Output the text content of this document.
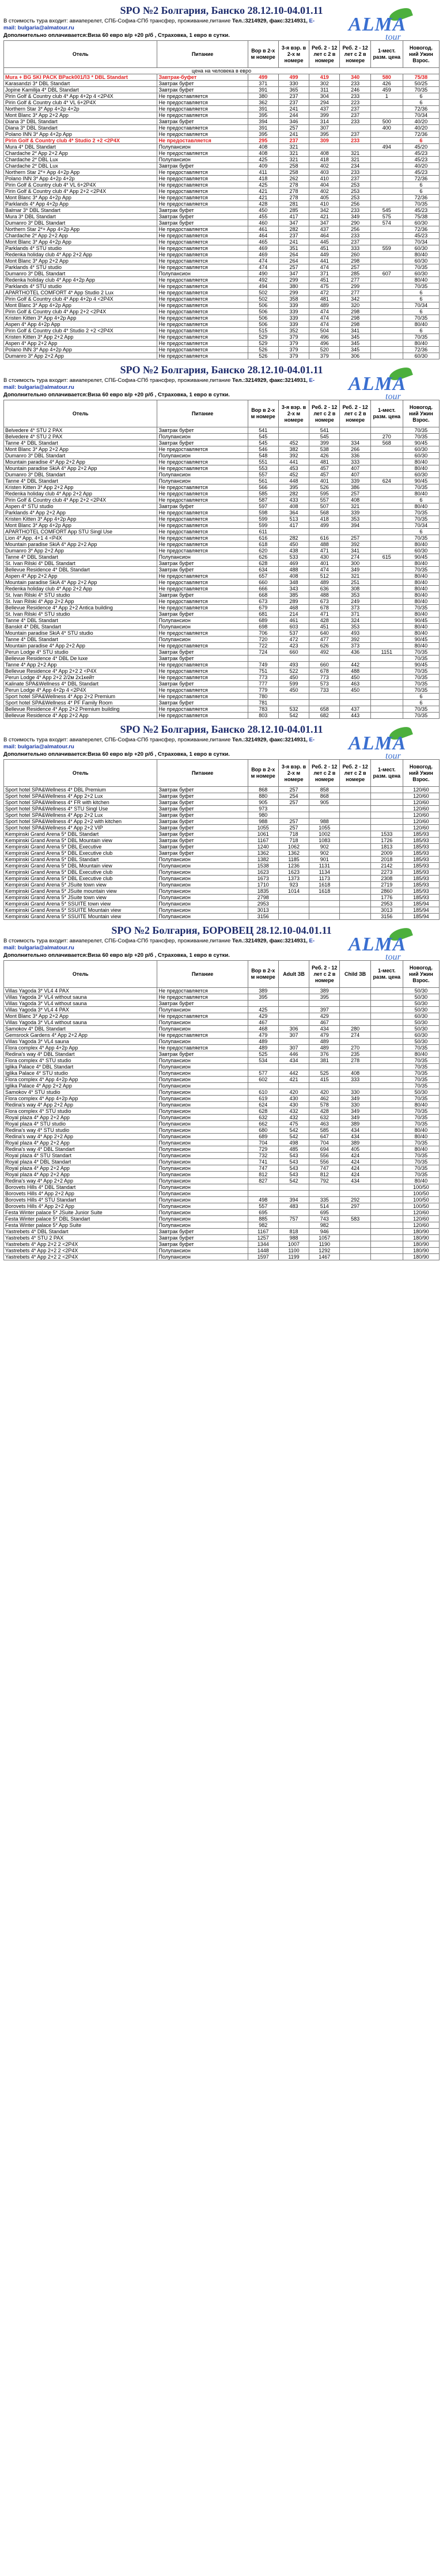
SPO №2 Болгария, Банско 28.12.10-04.01.11
ALMA
tour
В стоимость тура входит: авиаперелет, СПБ-Софиа-СПб трансфер, проживание,питание Тел.:3214929, факс:3214931, E-mail: bulgaria@almatour.ru
Дополнительно оплачивается:Виза 60 евро в/р +20 р/б , Страховка, 1 евро в сутки.
Отель	Питание	Вор в 2-х м номере	3-я вэр. в 2-х м номере	Реб. 2 - 12 лет с 2 в номере	Реб. 2 - 12 лет с 2 в номере	1-мест. разм. цена	Новогод. ний Ужин Взрос.
цена на человека в евро							
Mura + BG SKI PACK ВРасk001ЛЗ * DBL Standart	Завтрак-буфет	499	499	419	340	580	75/38
Karasandzi 3* DBL Standart	Завтрак буфет	371	330	302	233	426	50/25
Jopine Kamilija 4* DBL Standart	Завтрак буфет	391	365	311	246	459	70/35
Pirin Golf & Country club 4* App 4+2p 4 <2P4X	Не предоставляется	380	237	304	233	1	6
Pirin Golf & Country club 4* VL 6+2P4Х	Не предоставляется	362	237	294	223		6
Northern Star 3* App 4+2p 4+2p	Не предоставляется	391	241	437	237		72/36
Mont Blanc 3* App 2+2 App	Не предоставляется	395	244	399	237		70/34
Diana 3* DBL Standart	Завтрак буфет	394	346	314	233	500	40/20
Diana 3* DBL Standart	Не предоставляется	391	257	307		400	40/20
Polano INN 3* App 4+2p App	Не предоставляется	395	241	395	237		72/36
Pirin Golf & Country club 4* Studio 2 +2 <2P4X	Не предоставляется	295	237	309	233		6
Mura 4* DBL Standart	Полупансион	408	321			494	45/20
Chardache 2* App 2+2 App	Не предоставляется	408	321	408	321		45/23
Chardache 2* DBL Lux	Полупансион	425	321	418	321		45/23
Chardache 2* DBL Lux	Завтрак буфет	409	258	402	234		40/20
Northern Star 2*+ App 4+2p App	Не предоставляется	411	258	403	233		45/23
Polano INN 3* App 4+2p 4+2p	Не предоставляется	418	262	410	237		72/36
Pirin Golf & Country club 4* VL 6+2P4Х	Не предоставляется	425	278	404	253		6
Pirin Golf & Country club 4* App 2+2 <2P4X	Не предоставляется	421	278	402	253		6
Mont Blanc 3* App 4+2p App	Не предоставляется	421	278	405	253		72/36
Parklands 4* App 4+2p App	Не предоставляется	428	281	410	256		70/35
Balmar 3* DBL Standart	Завтрак буфет	450	285	342	233	545	45/23
Mura 3* DBL Standart	Завтрак буфет	455	417	421	349	575	75/38
Dumanro 3* DBL Standart	Завтрак буфет	460	347	347	290	574	60/30
Northern Star 2*+ App 4+2p App	Не предоставляется	461	282	437	256		72/36
Chardache 2* App 2+2 App	Не предоставляется	464	237	464	233		45/23
Mont Blanc 3* App 4+2p App	Не предоставляется	465	241	445	237		70/34
Parklands 4* STU studio	Не предоставляется	469	351	451	333	559	60/30
Redenka holiday club 4* App 2+2 App	Не предоставляется	469	264	449	260		80/40
Mont Blanc 3* App 2+2 App	Не предоставляется	474	264	441	298		60/30
Parklands 4* STU studio	Не предоставляется	474	257	474	257		70/35
Dumanro 3* DBL Standart	Полупансион	490	347	371	285	607	60/30
Redenka holiday club 4* App 4+2p App	Не предоставляется	492	299	451	277		80/40
Parklands 4* STU studio	Не предоставляется	494	380	475	299		70/35
APARTHOTEL COMFORT 4* App Studio 2 Lux	Не предоставляется	502	299	472	277		6
Pirin Golf & Country club 4* App 4+2p 4 <2P4X	Не предоставляется	502	358	481	342		6
Mont Blanc 3* App 4+2p App	Не предоставляется	506	339	489	320		70/34
Pirin Golf & Country club 4* App 2+2 <2P4X	Не предоставляется	506	339	474	298		6
Kristen Kitten 3* App 4+2p App	Не предоставляется	506	339	474	298		70/35
Aspen 4* App 4+2p App	Не предоставляется	506	339	474	298		80/40
Pirin Golf & Country club 4* Studio 2 +2 <2P4X	Не предоставляется	515	352	504	341		6
Kristen Kitten 3* App 2+2 App	Не предоставляется	529	379	496	345		70/35
Aspen 4* App 2+2 App	Не предоставляется	529	379	496	345		80/40
Polano INN 3* App 4+2p App	Не предоставляется	526	379	520	345		72/36
Dumanro 3* App 2+2 App	Не предоставляется	526	379	379	306		60/30
SPO №2 Болгария, Банско 28.12.10-04.01.11
ALMA
tour
В стоимость тура входит: авиаперелет, СПБ-Софиа-СПб трансфер, проживание,питание Тел.:3214929, факс:3214931, E-mail: bulgaria@almatour.ru
Дополнительно оплачивается:Виза 60 евро в/р +20 р/б , Страховка, 1 евро в сутки.
Отель	Питание	Вор в 2-х м номере	3-я вэр. в 2-х м номере	Реб. 2 - 12 лет с 2 в номере	Реб. 2 - 12 лет с 2 в номере	1-мест. разм. цена	Новогод. ний Ужин Взрос.
Belvedere 4* STU 2 PAX	Завтрак буфет	541		541			70/35
Belvedere 4* STU 2 PAX	Полупансион	545		545		270	70/35
Tanne 4* DBL Standart	Завтрак буфет	545	452	399	334	568	90/45
Mont Blanc 3* App 2+2 App	Не предоставляется	546	382	538	266		60/30
Dumanro 3* DBL Standart	Полупансион	548	392	426	336		60/30
Mountain paradise 4* App 2+2 App	Не предоставляется	551	441	481	333		80/40
Mountain paradise SkiA 4* App 2+2 App	Не предоставляется	553	453	457	407		80/40
Dumanro 3* DBL Standart	Полупансион	557	452	457	407		60/30
Tanne 4* DBL Standart	Полупансион	561	448	401	339	624	90/45
Kristen Kitten 3* App 2+2 App	Не предоставляется	566	395	526	386		70/35
Redenka holiday club 4* App 2+2 App	Не предоставляется	585	282	595	257		80/40
Pirin Golf & Country club 4* App 2+2 <2P4X	Не предоставляется	587	433	557	408		6
Aspen 4* STU studio	Завтрак буфет	597	408	507	321		80/40
Parklands 4* App 2+2 App	Не предоставляется	598	364	568	339		70/35
Kristen Kitten 3* App 4+2p App	Не предоставляется	599	513	418	353		70/35
Mont Blanc 3* App 4+2p App	Не предоставляется	599	417	499	394		70/34
APARTHOTEL COMFORT App STU Singl Use	Не предоставляется	611					6
Lion 4* App. 4+1 4 <P4X	Не предоставляется	616	282	616	257		70/35
Mountain paradise SkiA 4* App 2+2 App	Не предоставляется	618	450	488	392		80/40
Dumanro 3* App 2+2 App	Не предоставляется	620	438	471	341		60/30
Tanne 4* DBL Standart	Полупансион	626	533	430	274	615	90/45
St. Ivan Rilski 4* DBL Standart	Завтрак буфет	628	469	401	300		80/40
Bellevue Residence 4* DBL Standart	Завтрак буфет	634	488	474	349		70/35
Aspen 4* App 2+2 App	Не предоставляется	657	408	512	321		80/40
Mountain paradise SkiA 4* App 2+2 App	Не предоставляется	660	348	489	251		80/40
Redenka holiday club 4* App 2+2 App	Не предоставляется	666	343	636	308		80/40
St. Ivan Rilski 4* STU studio	Завтрак буфет	668	385	488	353		80/40
St. Ivan Rilski 4* App 2+2 App	Не предоставляется	673	289	673	249		80/40
Bellevue Residence 4* App 2+2 Antica building	Не предоставляется	679	468	678	373		70/35
St. Ivan Rilski 4* STU studio	Завтрак буфет	681	214	471	371		80/40
Tanne 4* DBL Standart	Полупансион	689	461	428	324		90/45
Banskit 4* DBL Standart	Полупансион	698	603	451	353		80/40
Mountain paradise SkiA 4* STU studio	Не предоставляется	706	537	640	493		80/40
Tanne 4* DBL Standart	Полупансион	720	472	477	392		90/45
Mountain paradise 4* App 2+2 App	Не предоставляется	722	423	626	373		80/40
Perun Lodge 4* STU studio	Завтрак буфет	724	660	492	436	1151	70/35
Bellevue Residence 4* DBL De luxe	Завтрак буфет						70/35
Tanne 4* App 2+2 App	Не предоставляется	749	493	660	442		90/45
Bellevue Residence 4* App 2+2 2 <P4X	Не предоставляется	751	522	678	488		70/35
Perun Lodge 4* App 2+2 2/2м 2х1кейт	Не предоставляется	773	450	773	450		70/35
Kalinate SPA&Wellness 4* DBL Standart	Завтрак буфет	777	599	573	463		70/35
Perun Lodge 4* App 4+2p 4 <2P4Х	Не предоставляется	779	450	733	450		70/35
Sport hotel SPA&Wellness 4* App 2+2 Premium	Не предоставляется	780					6
Sport hotel SPA&Wellness 4* PF Family Room	Завтрак буфет	781					6
Bellevue Residence 4* App 2+2 Premium building	Не предоставляется	783	532	658	437		70/35
Bellevue Residence 4* App 2+2 App	Не предоставляется	803	542	682	443		70/35
SPO №2 Болгария, Банско 28.12.10-04.01.11
ALMA
tour
В стоимость тура входит: авиаперелет, СПБ-Софиа-СПб трансфер, проживание,питание Тел.:3214929, факс:3214931, E-mail: bulgaria@almatour.ru
Дополнительно оплачивается:Виза 60 евро в/р +20 р/б , Страховка, 1 евро в сутки.
Отель	Питание	Вор в 2-х м номере	3-я вэр. в 2-х м номере	Реб. 2 - 12 лет с 2 в номере	Реб. 2 - 12 лет с 2 в номере	1-мест. разм. цена	Новогод. ний Ужин Взрос.
Sport hotel SPA&Wellness 4* DBL Premium	Завтрак буфет	868	257	858			120/60
Sport hotel SPA&Wellness 4* App 2+2 Lux	Завтрак буфет	880	254	868			120/60
Sport hotel SPA&Wellness 4* FR with kitchen	Завтрак буфет	905	257	905			120/60
Sport hotel SPA&Wellness 4* STU Singl Use	Завтрак буфет	973					120/60
Sport hotel SPA&Wellness 4* App 2+2 Lux	Завтрак буфет	980					120/60
Sport hotel SPA&Wellness 4* App 2+2 with kitchen	Завтрак буфет	988	257	988			120/60
Sport hotel SPA&Wellness 4* App 2+2 VIP	Завтрак буфет	1055	257	1055			120/60
Kempinski Grand Arena 5* DBL Standart	Завтрак буфет	1061	718	1002		1533	185/93
Kempinski Grand Arena 5* DBL Mountain view	Завтрак буфет	1167	718	1083		1726	185/93
Kempinski Grand Arena 5* DBL Executive	Завтрак буфет	1240	1062	902		1813	185/93
Kempinski Grand Arena 5* DBL Executive club	Завтрак буфет	1362	1362	902		2009	185/93
Kempinski Grand Arena 5* DBL Standart	Полупансион	1382	1185	901		2018	185/93
Kempinski Grand Arena 5* DBL Mountain view	Полупансион	1538	1236	1131		2142	185/93
Kempinski Grand Arena 5* DBL Executive club	Полупансион	1623	1623	1134		2273	185/93
Kempinski Grand Arena 5* DBL Executive club	Полупансион	1673	1373	1173		2308	185/93
Kempinski Grand Arena 5* JSuite town view	Полупансион	1710	923	1618		2719	185/93
Kempinski Grand Arena 5* JSuite mountain view	Полупансион	1835	1014	1618		2860	185/93
Kempinski Grand Arena 5* JSuite town view	Полупансион	2798				1776	185/93
Kempinski Grand Arena 5* SSUITE town view	Полупансион	2953				2953	185/94
Kempinski Grand Arena 5* SSUITE Mountain view	Полупансион	3013				3013	185/94
Kempinski Grand Arena 5* SSUITE Mountain view	Полупансион	3156				3156	185/94
SPO №2 Болгария, БОРОВЕЦ 28.12.10-04.01.11
ALMA
tour
В стоимость тура входит: авиаперелет, СПБ-Софиа-СПб трансфер, проживание,питание Тел.:3214929, факс:3214931, E-mail: bulgaria@almatour.ru
Дополнительно оплачивается:Виза 60 евро в/р +20 р/б , Страховка, 1 евро в сутки.
Отель	Питание	Вор в 2-х м номере	Adult ЗВ	Реб. 2 - 12 лет с 2 в номере	Child ЗВ	1-мест. разм. цена	Новогод. ний Ужин Взрос.
Villas Yagoda 3* VL4 4 PAX	Не предоставляется	389		389			50/30
Villas Yagoda 3* VL4 without sauna	Не предоставляется	395		395			50/30
Villas Yagoda 3* VL4 without sauna	Завтрак буфет						50/30
Villas Yagoda 3* VL4 4 PAX	Полупансион	425		397			50/30
Mont Blanc 3* App 2+2 App	Не предоставляется	429		429			60/30
Villas Yagoda 3* VL4 without sauna	Полупансион	467		467			50/30
Samokov 4* DBL Standart	Полупансион	468	306	434	280		50/30
Gemsrock Gardens 4* App 2+2 App	Не предоставляется	479	307	479	274		60/30
Villas Yagoda 3* VL4 sauna	Полупансион	489		489			50/30
Flora complex 4* App 4+2p App	Не предоставляется	489	307	489	270		70/35
Redina's way 4* DBL Standart	Завтрак буфет	525	446	376	235		80/40
Flora complex 4* STU studio	Полупансион	534	434	381	278		70/35
Iglika Palace 4* DBL Standart	Полупансион						70/35
Iglika Palace 4* STU studio	Полупансион	577	442	525	408		70/35
Flora complex 4* App 4+2p App	Полупансион	602	421	415	333		70/35
Iglika Palace 4* App 2+2 App	Полупансион						70/35
Samokov 4* STU studio	Полупансион	610	420	420	330		50/30
Flora complex 4* App 4+2p App	Полупансион	619	430	462	349		70/35
Redina's way 4* App 2+2 App	Полупансион	624	430	578	330		80/40
Flora complex 4* STU studio	Полупансион	628	432	428	349		70/35
Royal plaza 4* App 2+2 App	Полупансион	632	432	632	349		70/35
Royal plaza 4* STU studio	Полупансион	662	475	463	389		70/35
Redina's way 4* STU studio	Полупансион	680	542	585	434		80/40
Redina's way 4* App 2+2 App	Полупансион	689	542	647	434		80/40
Royal plaza 4* App 2+2 App	Полупансион	704	498	704	389		70/35
Redina's way 4* DBL Standart	Полупансион	729	485	694	405		80/40
Royal plaza 4* STU Standart	Полупансион	732	543	556	424		70/35
Royal plaza 4* DBL Standart	Полупансион	741	543	556	424		70/35
Royal plaza 4* App 2+2 App	Полупансион	747	543	747	424		70/35
Royal plaza 4* App 2+2 App	Полупансион	812	543	812	424		70/35
Redina's way 4* App 2+2 App	Полупансион	827	542	792	434		80/40
Borovets Hills 4* DBL Standart	Полупансион						100/50
Borovets Hills 4* App 2+2 App	Полупансион						100/50
Borovets Hills 4* STU Standart	Полупансион	498	394	335	292		100/50
Borovets Hills 4* App 2+2 App	Полупансион	557	483	514	297		100/50
Festa Winter palace 5* JSuite Junior Suite	Полупансион	695		695			120/60
Festa Winter palace 5* DBL Standart	Полупансион	885	757	743	583		120/60
Festa Winter palace 5* App Suite	Полупансион	982		982			120/60
Yastrebets 4* DBL Standart	Завтрак буфет	1167	818	946			180/90
Yastrebets 4* STU 2 PAX	Завтрак буфет	1257	988	1057			180/90
Yastrebets 4* App 2+2 2 <2P4X	Завтрак буфет	1344	1007	1190			180/90
Yastrebets 4* App 2+2 2 <2P4X	Полупансион	1448	1100	1292			180/90
Yastrebets 4* App 2+2 2 <2P4X	Полупансион	1597	1199	1467			180/90
